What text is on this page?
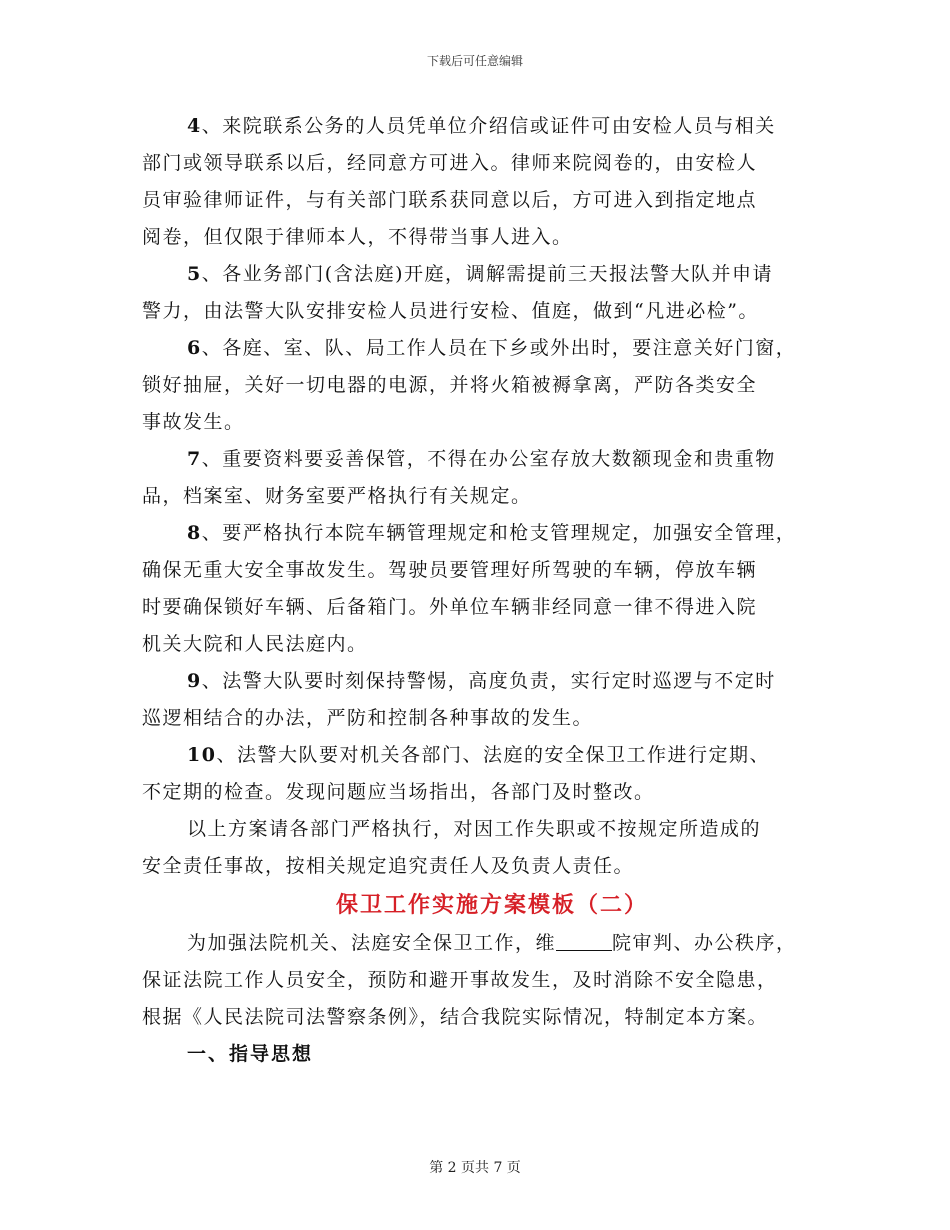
下载后可任意编辑
4、来院联系公务的人员凭单位介绍信或证件可由安检人员与相关
部门或领导联系以后，经同意方可进入。律师来院阅卷的，由安检人
员审验律师证件，与有关部门联系获同意以后，方可进入到指定地点
阅卷，但仅限于律师本人，不得带当事人进入。
5、各业务部门(含法庭)开庭，调解需提前三天报法警大队并申请
警力，由法警大队安排安检人员进行安检、值庭，做到“凡进必检”。
6、各庭、室、队、局工作人员在下乡或外出时，要注意关好门窗，
锁好抽屉，关好一切电器的电源，并将火箱被褥拿离，严防各类安全
事故发生。
7、重要资料要妥善保管，不得在办公室存放大数额现金和贵重物
品，档案室、财务室要严格执行有关规定。
8、要严格执行本院车辆管理规定和枪支管理规定，加强安全管理，
确保无重大安全事故发生。驾驶员要管理好所驾驶的车辆，停放车辆
时要确保锁好车辆、后备箱门。外单位车辆非经同意一律不得进入院
机关大院和人民法庭内。
9、法警大队要时刻保持警惕，高度负责，实行定时巡逻与不定时
巡逻相结合的办法，严防和控制各种事故的发生。
10、法警大队要对机关各部门、法庭的安全保卫工作进行定期、
不定期的检查。发现问题应当场指出，各部门及时整改。
以上方案请各部门严格执行，对因工作失职或不按规定所造成的
安全责任事故，按相关规定追究责任人及负责人责任。
保卫工作实施方案模板（二）
为加强法院机关、法庭安全保卫工作，维	院审判、办公秩序，
保证法院工作人员安全，预防和避开事故发生，及时消除不安全隐患，
根据《人民法院司法警察条例》，结合我院实际情况，特制定本方案。
一、指导思想
第 2 页共 7 页
